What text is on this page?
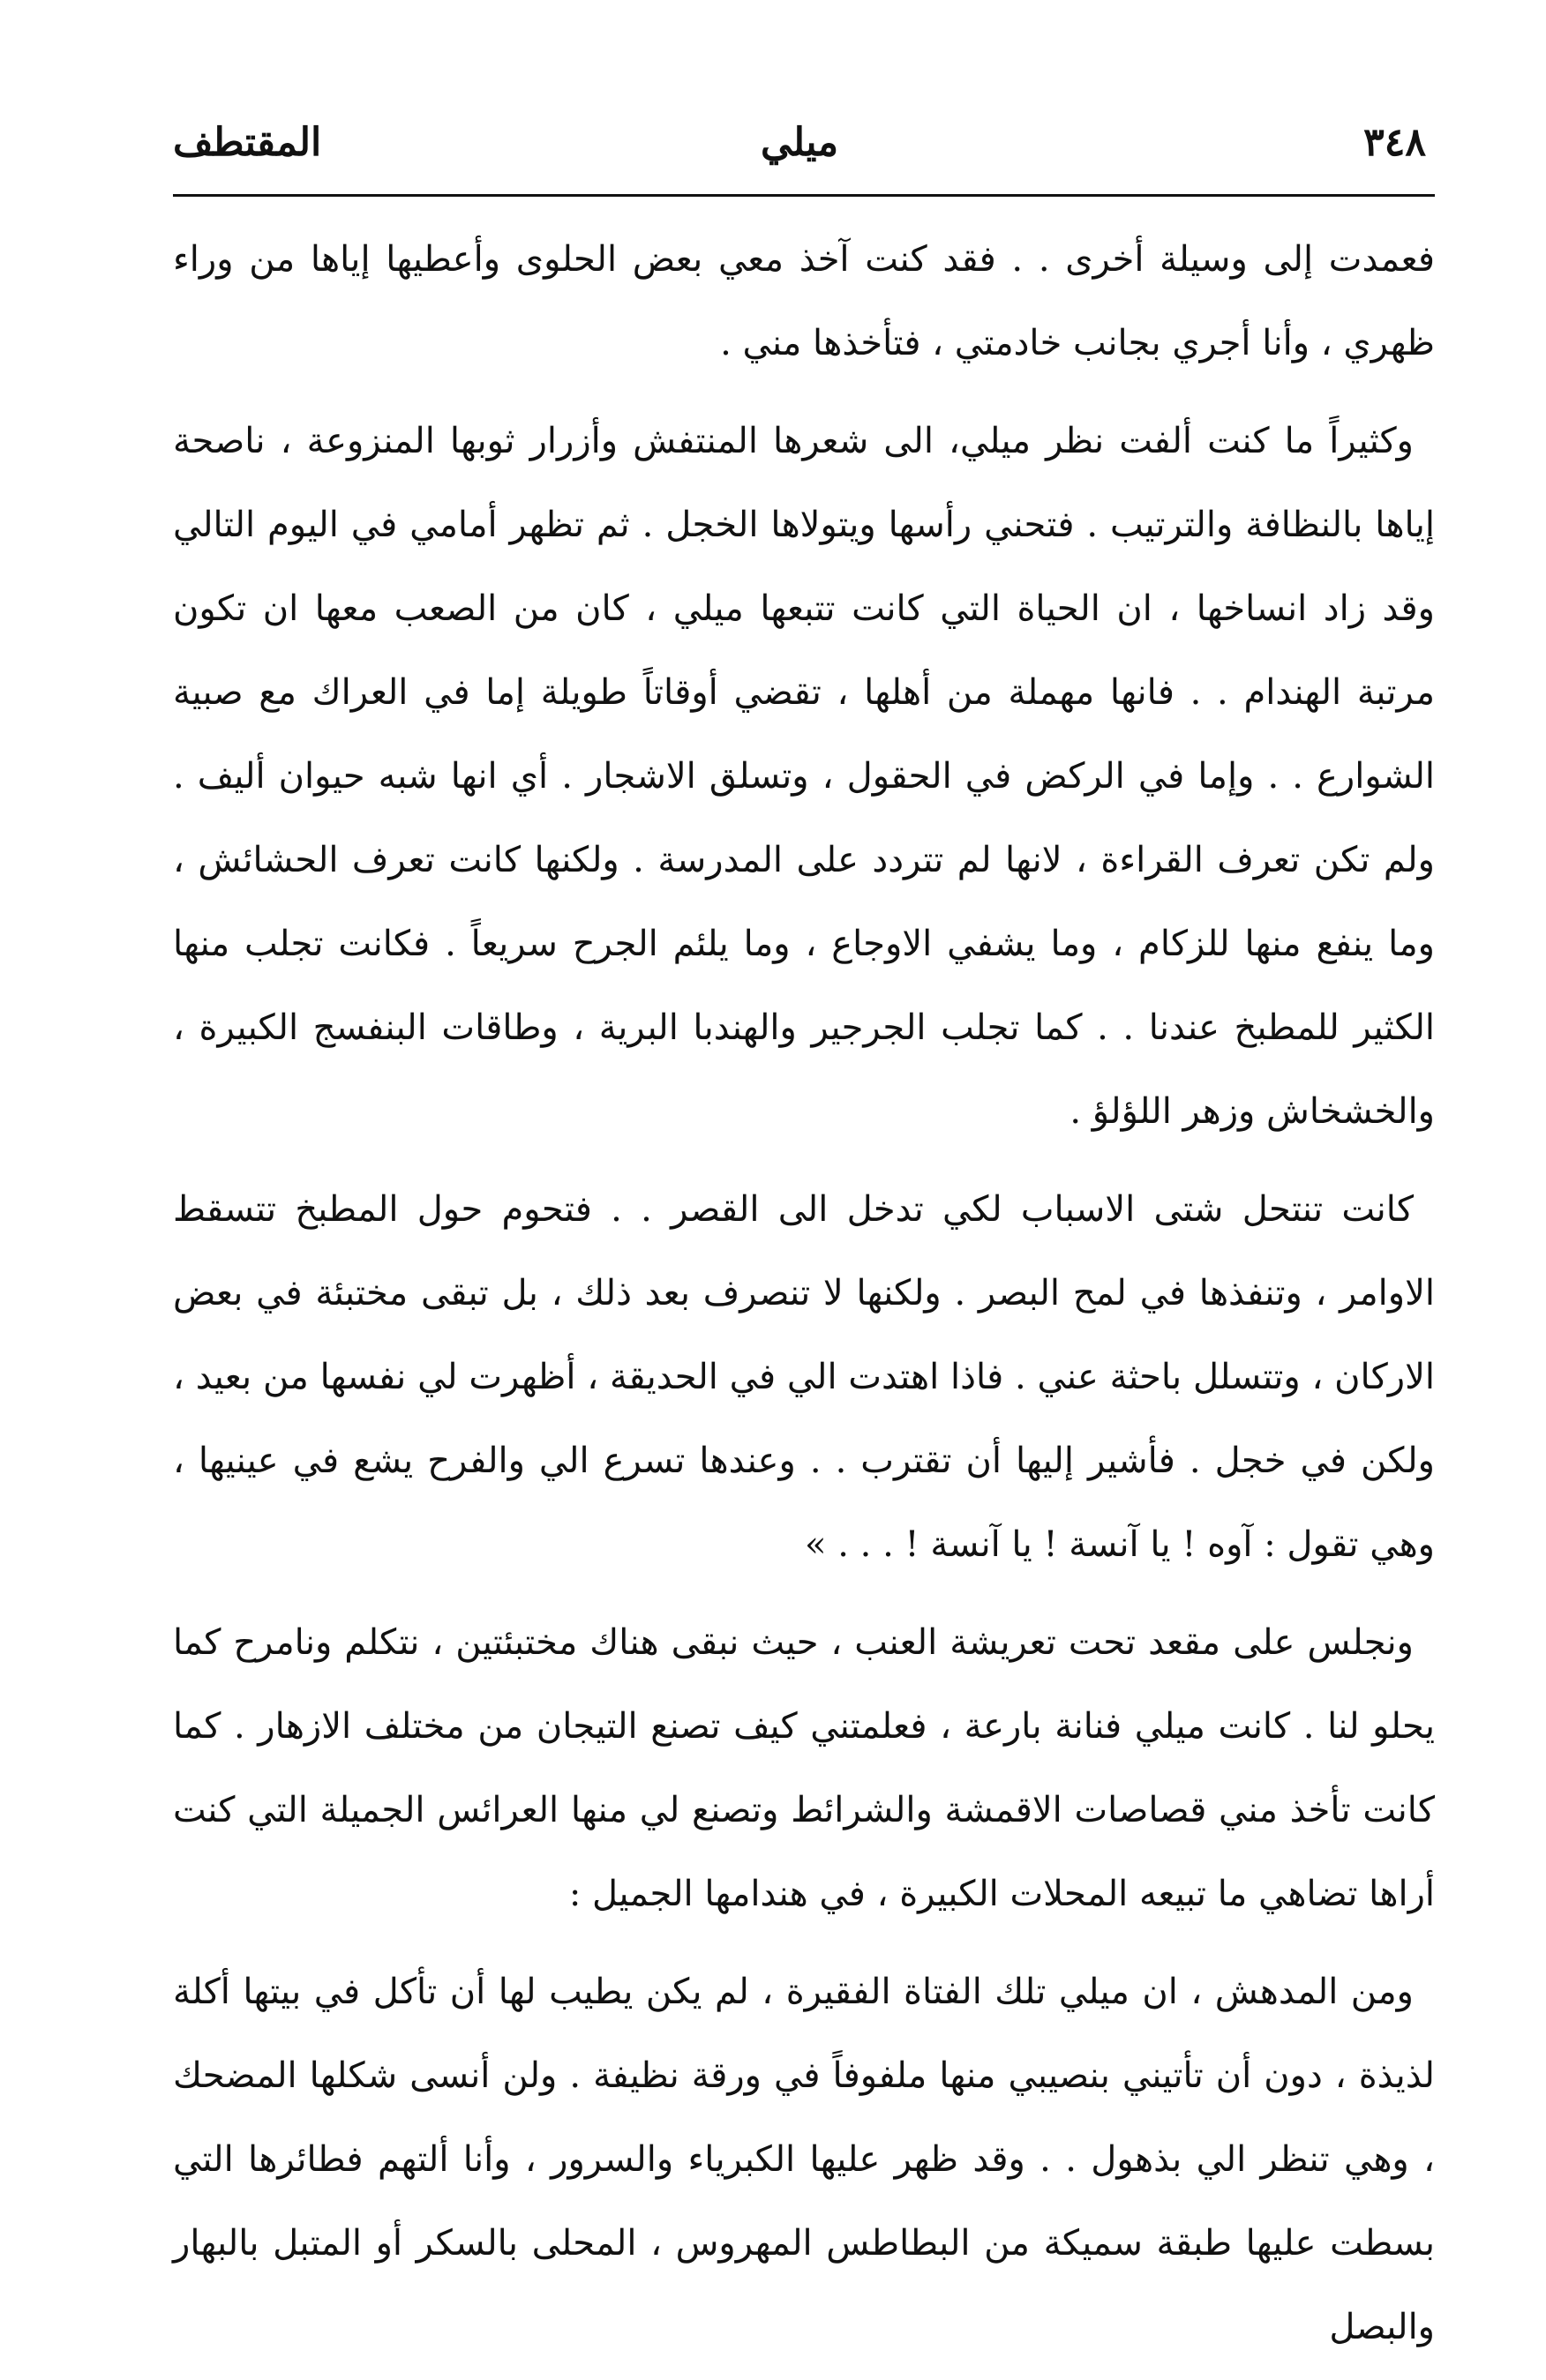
المقتطف	ميلي	٣٤٨

فعمدت إلى وسيلة أخرى . . فقد كنت آخذ معي بعض الحلوى وأعطيها إياها من وراء ظهري ، وأنا أجري بجانب خادمتي ، فتأخذها مني .

وكثيراً ما كنت ألفت نظر ميلي، الى شعرها المنتفش وأزرار ثوبها المنزوعة ، ناصحة إياها بالنظافة والترتيب . فتحني رأسها ويتولاها الخجل . ثم تظهر أمامي في اليوم التالي وقد زاد انساخها ، ان الحياة التي كانت تتبعها ميلي ، كان من الصعب معها ان تكون مرتبة الهندام . . فانها مهملة من أهلها ، تقضي أوقاتاً طويلة إما في العراك مع صبية الشوارع . . وإما في الركض في الحقول ، وتسلق الاشجار . أي انها شبه حيوان أليف . ولم تكن تعرف القراءة ، لانها لم تتردد على المدرسة . ولكنها كانت تعرف الحشائش ، وما ينفع منها للزكام ، وما يشفي الاوجاع ، وما يلئم الجرح سريعاً . فكانت تجلب منها الكثير للمطبخ عندنا . . كما تجلب الجرجير والهندبا البرية ، وطاقات البنفسج الكبيرة ، والخشخاش وزهر اللؤلؤ .

كانت تنتحل شتى الاسباب لكي تدخل الى القصر . . فتحوم حول المطبخ تتسقط الاوامر ، وتنفذها في لمح البصر . ولكنها لا تنصرف بعد ذلك ، بل تبقى مختبئة في بعض الاركان ، وتتسلل باحثة عني . فاذا اهتدت الي في الحديقة ، أظهرت لي نفسها من بعيد ، ولكن في خجل . فأشير إليها أن تقترب . . وعندها تسرع الي والفرح يشع في عينيها ، وهي تقول : آوه ! يا آنسة ! يا آنسة ! . . . »

ونجلس على مقعد تحت تعريشة العنب ، حيث نبقى هناك مختبئتين ، نتكلم ونامرح كما يحلو لنا . كانت ميلي فنانة بارعة ، فعلمتني كيف تصنع التيجان من مختلف الازهار . كما كانت تأخذ مني قصاصات الاقمشة والشرائط وتصنع لي منها العرائس الجميلة التي كنت أراها تضاهي ما تبيعه المحلات الكبيرة ، في هندامها الجميل :

ومن المدهش ، ان ميلي تلك الفتاة الفقيرة ، لم يكن يطيب لها أن تأكل في بيتها أكلة لذيذة ، دون أن تأتيني بنصيبي منها ملفوفاً في ورقة نظيفة . ولن أنسى شكلها المضحك ، وهي تنظر الي بذهول . . وقد ظهر عليها الكبرياء والسرور ، وأنا ألتهم فطائرها التي بسطت عليها طبقة سميكة من البطاطس المهروس ، المحلى بالسكر أو المتبل بالبهار والبصل
